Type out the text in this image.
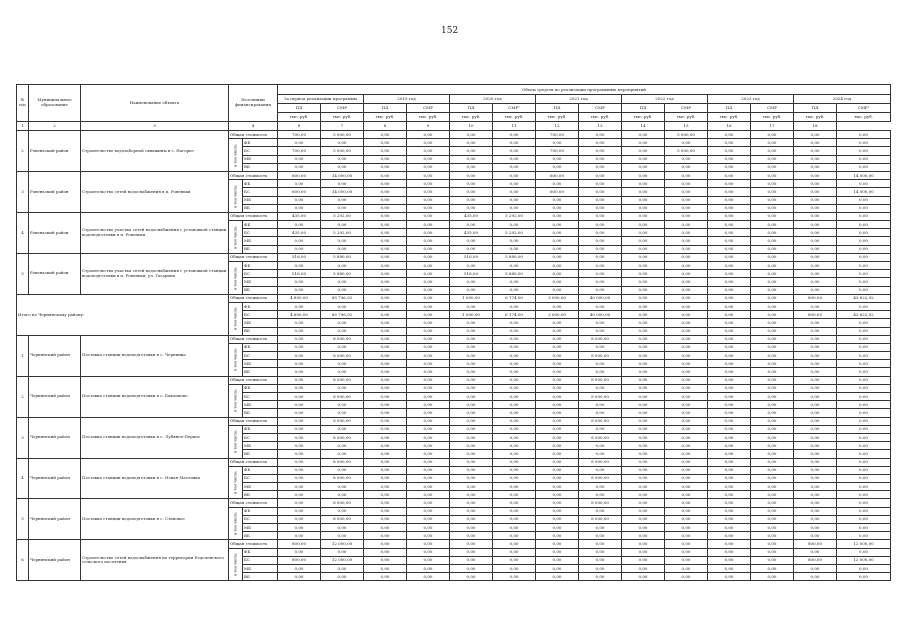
152
№ п/п	Муниципальное образование	Наименование объекта	Источники финансирования		Объем средств по реализации программных мероприятий													
					За период реализации программы		2019 год		2020 год		2021 год		2022 год		2023 год		2024 год	
					ПД	СМР	ПД	СМР	ПД	СМР²	ПД	СМР	ПД	СМР	ПД	СМР	ПД	СМР²
					тыс. руб.	тыс. руб.	тыс. руб.	тыс. руб.	тыс. руб.	тыс. руб.	тыс. руб.	тыс. руб.	тыс. руб.	тыс. руб.	тыс. руб.	тыс. руб.	тыс. руб.	тыс. руб.
1	2	3	4		6	7	8	9	10	11	12	13	14	15	16	17	18	
2	Ровеньский район	Строительство водозаборной скважины в с. Нагорье	Общая стоимость		700,00	5 000,00	0,00	0,00	0,00	0,00	700,00	0,00	0,00	5 000,00	0,00	0,00	0,00	0,00
			в том числе:	ФБ	0,00	0,00	0,00	0,00	0,00	0,00	0,00	0,00	0,00	0,00	0,00	0,00	0,00	0,00
				БС	700,00	5 000,00	0,00	0,00	0,00	0,00	700,00	0,00	0,00	5 000,00	0,00	0,00	0,00	0,00
				МБ	0,00	0,00	0,00	0,00	0,00	0,00	0,00	0,00	0,00	0,00	0,00	0,00	0,00	0,00
				ВБ	0,00	0,00	0,00	0,00	0,00	0,00	0,00	0,00	0,00	0,00	0,00	0,00	0,00	0,00
3	Ровеньский район	Строительство сетей водоснабжения в п. Ровеньки	Общая стоимость		600,00	14 000,00	0,00	0,00	0,00	0,00	600,00	0,00	0,00	0,00	0,00	0,00	0,00	14 000,00
			в том числе:	ФБ	0,00	0,00	0,00	0,00	0,00	0,00	0,00	0,00	0,00	0,00	0,00	0,00	0,00	0,00
				БС	600,00	14 000,00	0,00	0,00	0,00	0,00	600,00	0,00	0,00	0,00	0,00	0,00	0,00	14 000,00
				МБ	0,00	0,00	0,00	0,00	0,00	0,00	0,00	0,00	0,00	0,00	0,00	0,00	0,00	0,00
				ВБ	0,00	0,00	0,00	0,00	0,00	0,00	0,00	0,00	0,00	0,00	0,00	0,00	0,00	0,00
4	Ровеньский район	Строительство участка сетей водоснабжения с установкой станции водоподготовки в п. Ровеньки	Общая стоимость		435,00	5 292,00	0,00	0,00	435,00	5 292,00	0,00	0,00	0,00	0,00	0,00	0,00	0,00	0,00
			в том числе:	ФБ	0,00	0,00	0,00	0,00	0,00	0,00	0,00	0,00	0,00	0,00	0,00	0,00	0,00	0,00
				БС	435,00	5 292,00	0,00	0,00	435,00	5 292,00	0,00	0,00	0,00	0,00	0,00	0,00	0,00	0,00
				МБ	0,00	0,00	0,00	0,00	0,00	0,00	0,00	0,00	0,00	0,00	0,00	0,00	0,00	0,00
				ВБ	0,00	0,00	0,00	0,00	0,00	0,00	0,00	0,00	0,00	0,00	0,00	0,00	0,00	0,00
5	Ровеньский район	Строительство участка сетей водоснабжения с установкой станции водоподготовки в п. Ровеньки, ул. Гагарина	Общая стоимость		516,00	5 880,00	0,00	0,00	516,00	5 880,00	0,00	0,00	0,00	0,00	0,00	0,00	0,00	0,00
			в том числе:	ФБ	0,00	0,00	0,00	0,00	0,00	0,00	0,00	0,00	0,00	0,00	0,00	0,00	0,00	0,00
				БС	516,00	5 880,00	0,00	0,00	516,00	5 880,00	0,00	0,00	0,00	0,00	0,00	0,00	0,00	0,00
				МБ	0,00	0,00	0,00	0,00	0,00	0,00	0,00	0,00	0,00	0,00	0,00	0,00	0,00	0,00
				ВБ	0,00	0,00	0,00	0,00	0,00	0,00	0,00	0,00	0,00	0,00	0,00	0,00	0,00	0,00
Итого по Чернянскому району:			Общая стоимость		4 800,00	85 796,92	0,00	0,00	1 000,00	6 174,00	3 000,00	40 000,00	0,00	0,00	0,00	0,00	800,00	43 622,92
			в том числе:	ФБ	0,00	0,00	0,00	0,00	0,00	0,00	0,00	0,00	0,00	0,00	0,00	0,00	0,00	0,00
				БС	4 800,00	85 796,92	0,00	0,00	1 000,00	6 174,00	3 000,00	40 000,00	0,00	0,00	0,00	0,00	800,00	43 622,92
				МБ	0,00	0,00	0,00	0,00	0,00	0,00	0,00	0,00	0,00	0,00	0,00	0,00	0,00	0,00
				ВБ	0,00	0,00	0,00	0,00	0,00	0,00	0,00	0,00	0,00	0,00	0,00	0,00	0,00	0,00
1	Чернянский район	Поставка станции водоподготовки в с. Чернянка	Общая стоимость		0,00	8 000,00	0,00	0,00	0,00	0,00	0,00	8 000,00	0,00	0,00	0,00	0,00	0,00	0,00
			в том числе:	ФБ	0,00	0,00	0,00	0,00	0,00	0,00	0,00	0,00	0,00	0,00	0,00	0,00	0,00	0,00
				БС	0,00	8 000,00	0,00	0,00	0,00	0,00	0,00	8 000,00	0,00	0,00	0,00	0,00	0,00	0,00
				МБ	0,00	0,00	0,00	0,00	0,00	0,00	0,00	0,00	0,00	0,00	0,00	0,00	0,00	0,00
				ВБ	0,00	0,00	0,00	0,00	0,00	0,00	0,00	0,00	0,00	0,00	0,00	0,00	0,00	0,00
2	Чернянский район	Поставка станции водоподготовки в с. Бакланово	Общая стоимость		0,00	8 000,00	0,00	0,00	0,00	0,00	0,00	8 000,00	0,00	0,00	0,00	0,00	0,00	0,00
			в том числе:	ФБ	0,00	0,00	0,00	0,00	0,00	0,00	0,00	0,00	0,00	0,00	0,00	0,00	0,00	0,00
				БС	0,00	8 000,00	0,00	0,00	0,00	0,00	0,00	8 000,00	0,00	0,00	0,00	0,00	0,00	0,00
				МБ	0,00	0,00	0,00	0,00	0,00	0,00	0,00	0,00	0,00	0,00	0,00	0,00	0,00	0,00
				ВБ	0,00	0,00	0,00	0,00	0,00	0,00	0,00	0,00	0,00	0,00	0,00	0,00	0,00	0,00
3	Чернянский район	Поставка станции водоподготовки в с. Лубяное-Первое	Общая стоимость		0,00	8 000,00	0,00	0,00	0,00	0,00	0,00	8 000,00	0,00	0,00	0,00	0,00	0,00	0,00
			в том числе:	ФБ	0,00	0,00	0,00	0,00	0,00	0,00	0,00	0,00	0,00	0,00	0,00	0,00	0,00	0,00
				БС	0,00	8 000,00	0,00	0,00	0,00	0,00	0,00	8 000,00	0,00	0,00	0,00	0,00	0,00	0,00
				МБ	0,00	0,00	0,00	0,00	0,00	0,00	0,00	0,00	0,00	0,00	0,00	0,00	0,00	0,00
				ВБ	0,00	0,00	0,00	0,00	0,00	0,00	0,00	0,00	0,00	0,00	0,00	0,00	0,00	0,00
4	Чернянский район	Поставка станции водоподготовки в с. Новая Масловка	Общая стоимость		0,00	8 000,00	0,00	0,00	0,00	0,00	0,00	8 000,00	0,00	0,00	0,00	0,00	0,00	0,00
			в том числе:	ФБ	0,00	0,00	0,00	0,00	0,00	0,00	0,00	0,00	0,00	0,00	0,00	0,00	0,00	0,00
				БС	0,00	8 000,00	0,00	0,00	0,00	0,00	0,00	8 000,00	0,00	0,00	0,00	0,00	0,00	0,00
				МБ	0,00	0,00	0,00	0,00	0,00	0,00	0,00	0,00	0,00	0,00	0,00	0,00	0,00	0,00
				ВБ	0,00	0,00	0,00	0,00	0,00	0,00	0,00	0,00	0,00	0,00	0,00	0,00	0,00	0,00
5	Чернянский район	Поставка станции водоподготовки в с. Становое	Общая стоимость		0,00	8 000,00	0,00	0,00	0,00	0,00	0,00	8 000,00	0,00	0,00	0,00	0,00	0,00	0,00
			в том числе:	ФБ	0,00	0,00	0,00	0,00	0,00	0,00	0,00	0,00	0,00	0,00	0,00	0,00	0,00	0,00
				БС	0,00	8 000,00	0,00	0,00	0,00	0,00	0,00	8 000,00	0,00	0,00	0,00	0,00	0,00	0,00
				МБ	0,00	0,00	0,00	0,00	0,00	0,00	0,00	0,00	0,00	0,00	0,00	0,00	0,00	0,00
				ВБ	0,00	0,00	0,00	0,00	0,00	0,00	0,00	0,00	0,00	0,00	0,00	0,00	0,00	0,00
6	Чернянский район	Строительство сетей водоснабжения на территории Ездоченского сельского поселения	Общая стоимость		800,00	12 000,00	0,00	0,00	0,00	0,00	0,00	0,00	0,00	0,00	0,00	0,00	800,00	12 000,00
			в том числе:	ФБ	0,00	0,00	0,00	0,00	0,00	0,00	0,00	0,00	0,00	0,00	0,00	0,00	0,00	0,00
				БС	800,00	12 000,00	0,00	0,00	0,00	0,00	0,00	0,00	0,00	0,00	0,00	0,00	800,00	12 000,00
				МБ	0,00	0,00	0,00	0,00	0,00	0,00	0,00	0,00	0,00	0,00	0,00	0,00	0,00	0,00
				ВБ	0,00	0,00	0,00	0,00	0,00	0,00	0,00	0,00	0,00	0,00	0,00	0,00	0,00	0,00
